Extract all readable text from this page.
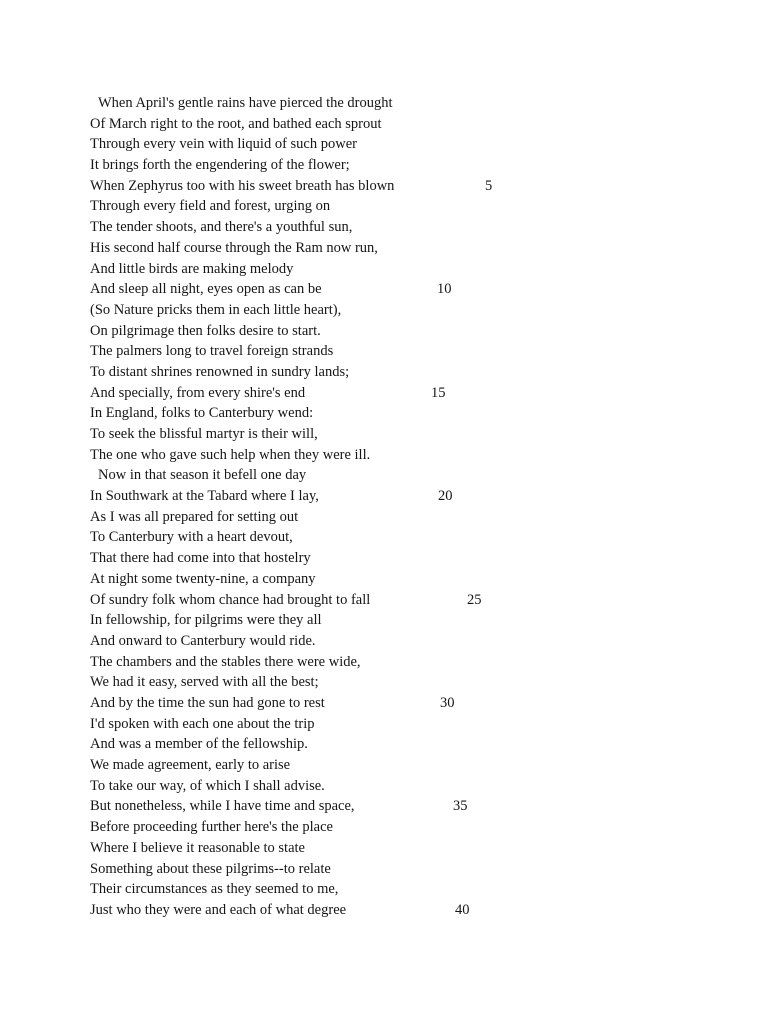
When April's gentle rains have pierced the drought
Of March right to the root, and bathed each sprout
Through every vein with liquid of such power
It brings forth the engendering of the flower;
When Zephyrus too with his sweet breath has blown	5
Through every field and forest, urging on
The tender shoots, and there's a youthful sun,
His second half course through the Ram now run,
And little birds are making melody
And sleep all night, eyes open as can be	10
(So Nature pricks them in each little heart),
On pilgrimage then folks desire to start.
The palmers long to travel foreign strands
To distant shrines renowned in sundry lands;
And specially, from every shire's end	15
In England, folks to Canterbury wend:
To seek the blissful martyr is their will,
The one who gave such help when they were ill.
Now in that season it befell one day
In Southwark at the Tabard where I lay,	20
As I was all prepared for setting out
To Canterbury with a heart devout,
That there had come into that hostelry
At night some twenty-nine, a company
Of sundry folk whom chance had brought to fall	25
In fellowship, for pilgrims were they all
And onward to Canterbury would ride.
The chambers and the stables there were wide,
We had it easy, served with all the best;
And by the time the sun had gone to rest	30
I'd spoken with each one about the trip
And was a member of the fellowship.
We made agreement, early to arise
To take our way, of which I shall advise.
But nonetheless, while I have time and space,	35
Before proceeding further here's the place
Where I believe it reasonable to state
Something about these pilgrims--to relate
Their circumstances as they seemed to me,
Just who they were and each of what degree	40
